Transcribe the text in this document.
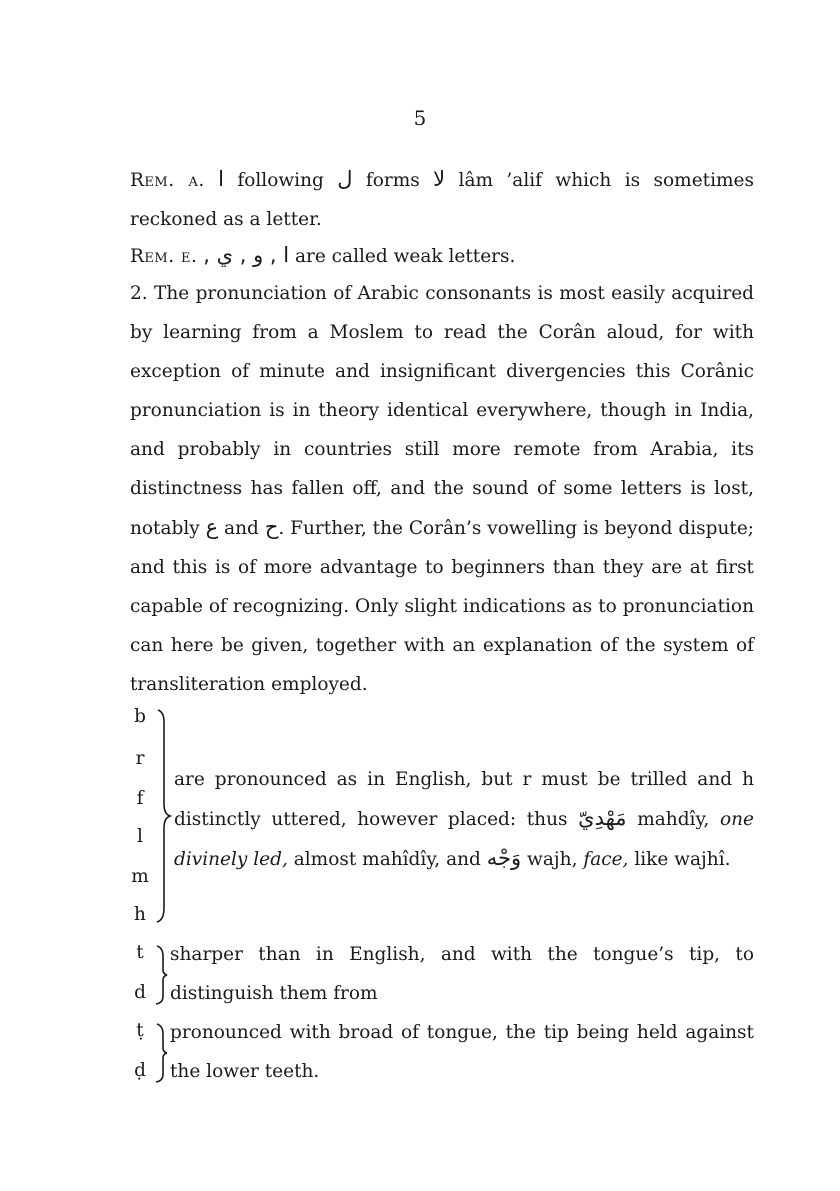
5
Rem. a. ا following ل forms لا lâm ’alif which is sometimes reckoned as a letter.
Rem. e. ا , و , ي , are called weak letters.
2. The pronunciation of Arabic consonants is most easily acquired by learning from a Moslem to read the Corân aloud, for with exception of minute and insignificant divergencies this Corânic pronunciation is in theory identical everywhere, though in India, and probably in countries still more remote from Arabia, its distinctness has fallen off, and the sound of some letters is lost, notably ع and ح. Further, the Corân’s vowelling is beyond dispute; and this is of more advantage to beginners than they are at first capable of recognizing. Only slight indications as to pronunciation can here be given, together with an explanation of the system of transliteration employed.
b
r
f
l
m
h
are pronounced as in English, but r must be trilled and h distinctly uttered, however placed: thus مَهْدِيّ mahdîy, one divinely led, almost mahîdîy, and وَجْه wajh, face, like wajhî.
t
d
sharper than in English, and with the tongue’s tip, to distinguish them from
ṭ
ḍ
pronounced with broad of tongue, the tip being held against the lower teeth.
